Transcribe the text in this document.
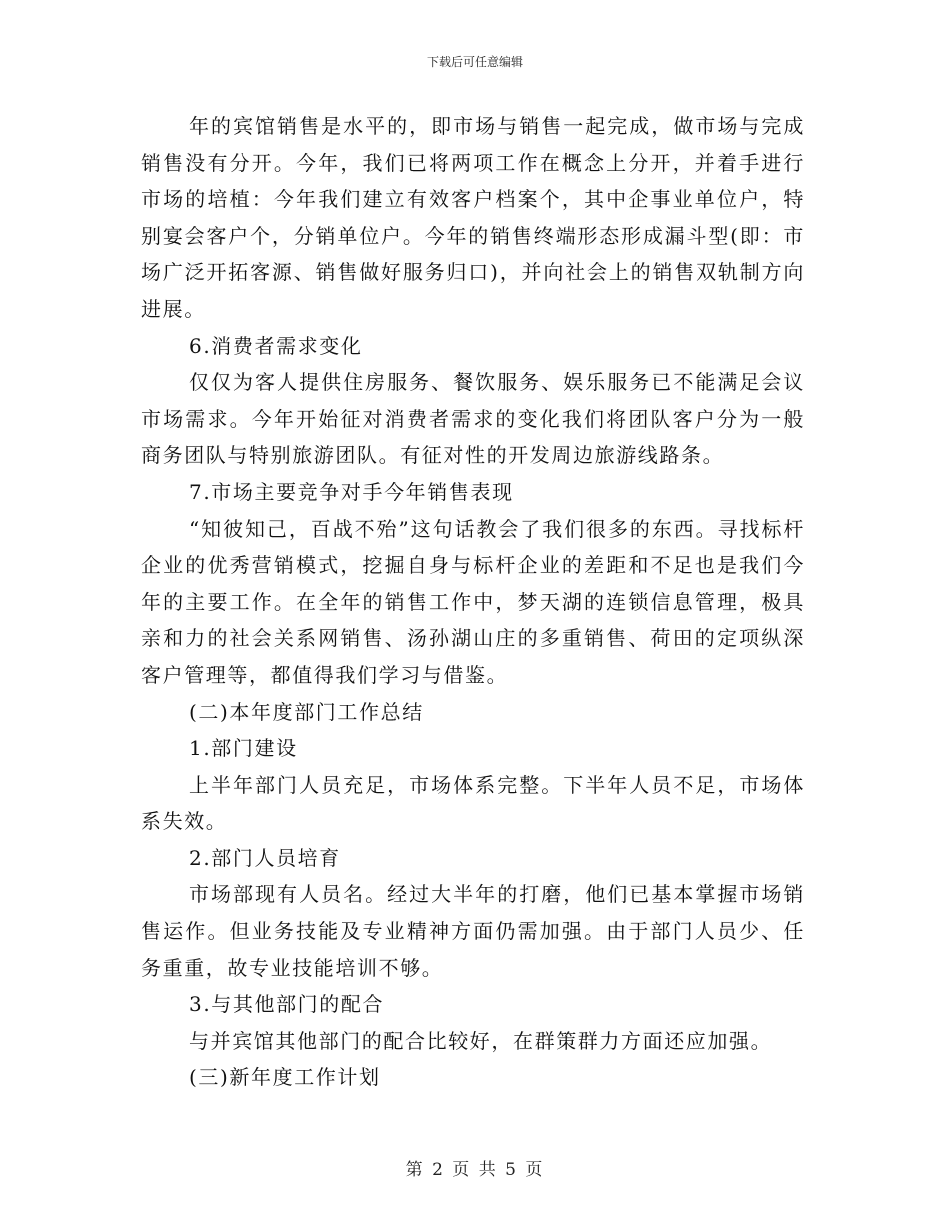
下载后可任意编辑

年的宾馆销售是水平的，即市场与销售一起完成，做市场与完成销售没有分开。今年，我们已将两项工作在概念上分开，并着手进行市场的培植：今年我们建立有效客户档案个，其中企事业单位户，特别宴会客户个，分销单位户。今年的销售终端形态形成漏斗型(即：市场广泛开拓客源、销售做好服务归口)，并向社会上的销售双轨制方向进展。

6.消费者需求变化

仅仅为客人提供住房服务、餐饮服务、娱乐服务已不能满足会议市场需求。今年开始征对消费者需求的变化我们将团队客户分为一般商务团队与特别旅游团队。有征对性的开发周边旅游线路条。

7.市场主要竞争对手今年销售表现

“知彼知己，百战不殆”这句话教会了我们很多的东西。寻找标杆企业的优秀营销模式，挖掘自身与标杆企业的差距和不足也是我们今年的主要工作。在全年的销售工作中，梦天湖的连锁信息管理，极具亲和力的社会关系网销售、汤孙湖山庄的多重销售、荷田的定项纵深客户管理等，都值得我们学习与借鉴。

(二)本年度部门工作总结

1.部门建设

上半年部门人员充足，市场体系完整。下半年人员不足，市场体系失效。

2.部门人员培育

市场部现有人员名。经过大半年的打磨，他们已基本掌握市场销售运作。但业务技能及专业精神方面仍需加强。由于部门人员少、任务重重，故专业技能培训不够。

3.与其他部门的配合

与并宾馆其他部门的配合比较好，在群策群力方面还应加强。

(三)新年度工作计划

第 2 页 共 5 页
